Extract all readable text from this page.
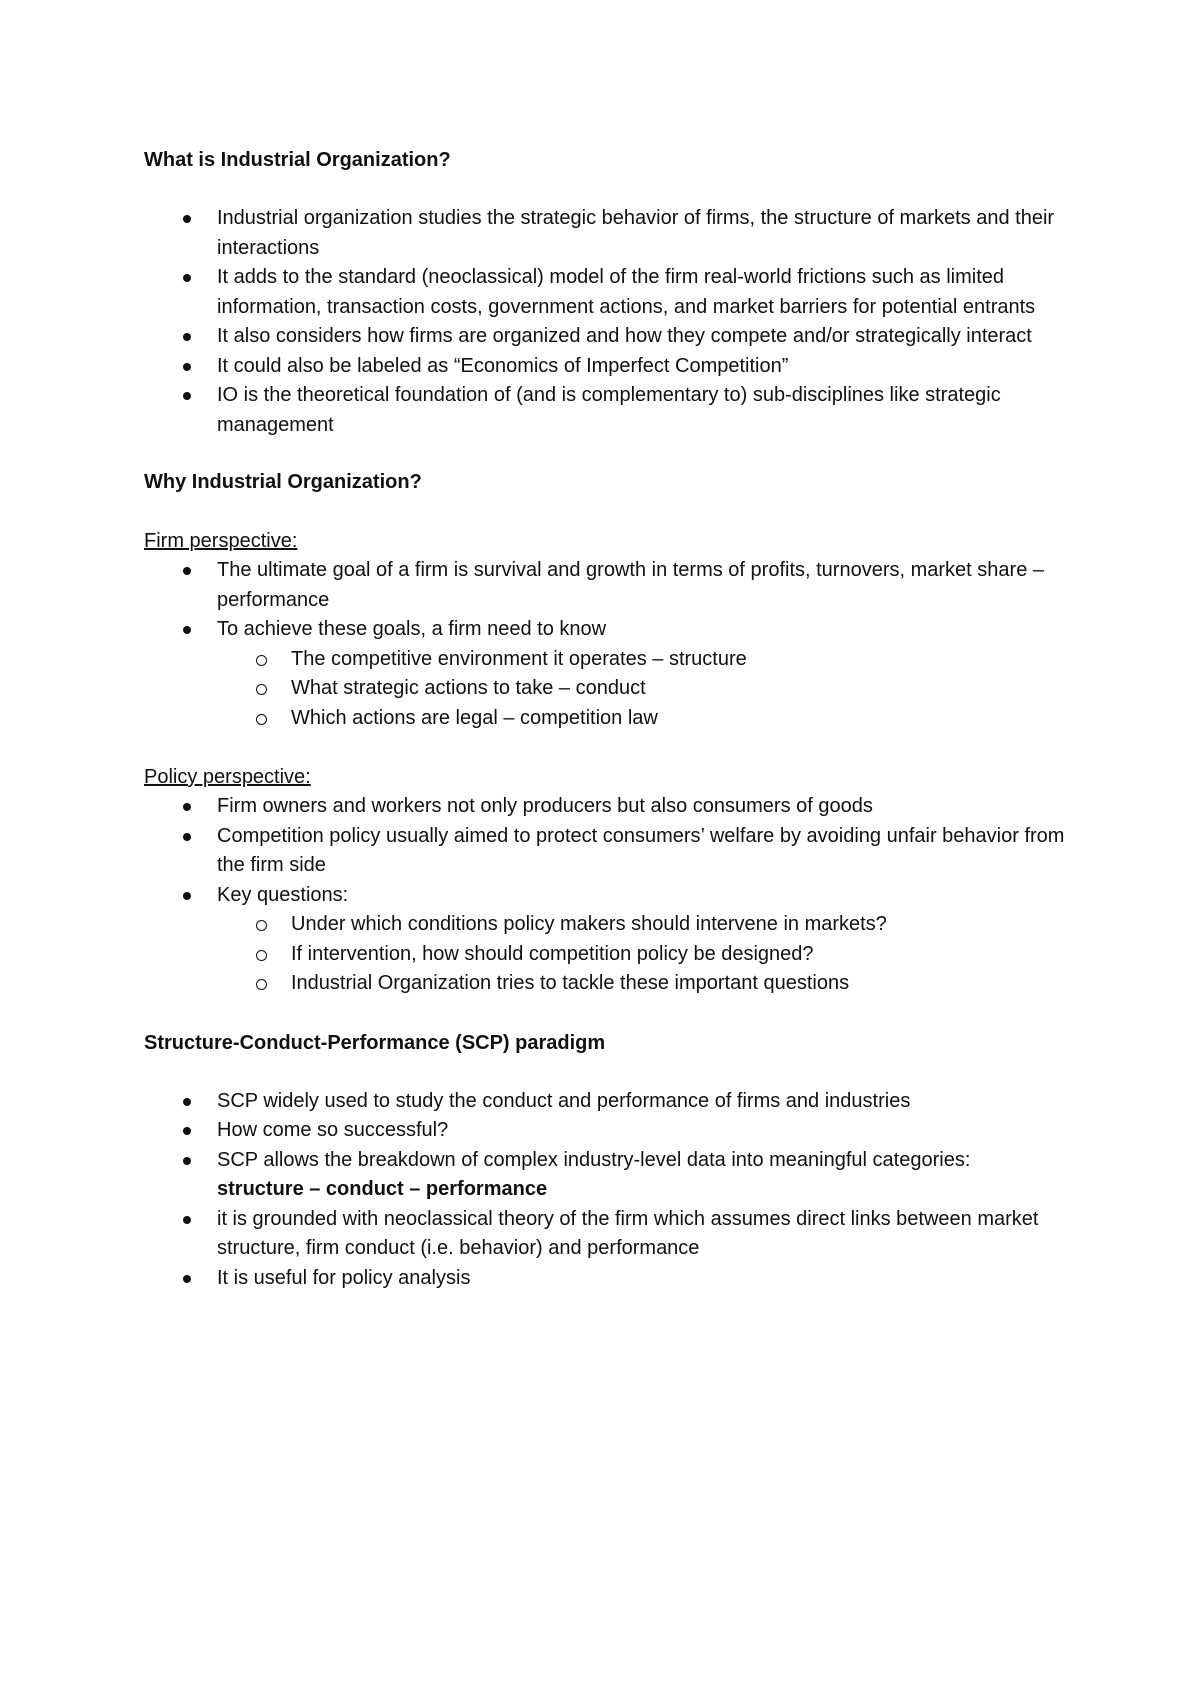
What is Industrial Organization?

Industrial organization studies the strategic behavior of firms, the structure of markets and their interactions
It adds to the standard (neoclassical) model of the firm real-world frictions such as limited information, transaction costs, government actions, and market barriers for potential entrants
It also considers how firms are organized and how they compete and/or strategically interact
It could also be labeled as “Economics of Imperfect Competition”
IO is the theoretical foundation of (and is complementary to) sub-disciplines like strategic management

Why Industrial Organization?

Firm perspective:

The ultimate goal of a firm is survival and growth in terms of profits, turnovers, market share – performance
To achieve these goals, a firm need to know
The competitive environment it operates – structure
What strategic actions to take – conduct
Which actions are legal – competition law

Policy perspective:

Firm owners and workers not only producers but also consumers of goods
Competition policy usually aimed to protect consumers’ welfare by avoiding unfair behavior from the firm side
Key questions:
Under which conditions policy makers should intervene in markets?
If intervention, how should competition policy be designed?
Industrial Organization tries to tackle these important questions

Structure-Conduct-Performance (SCP) paradigm

SCP widely used to study the conduct and performance of firms and industries
How come so successful?
SCP allows the breakdown of complex industry-level data into meaningful categories:
structure – conduct – performance
it is grounded with neoclassical theory of the firm which assumes direct links between market structure, firm conduct (i.e. behavior) and performance
It is useful for policy analysis
